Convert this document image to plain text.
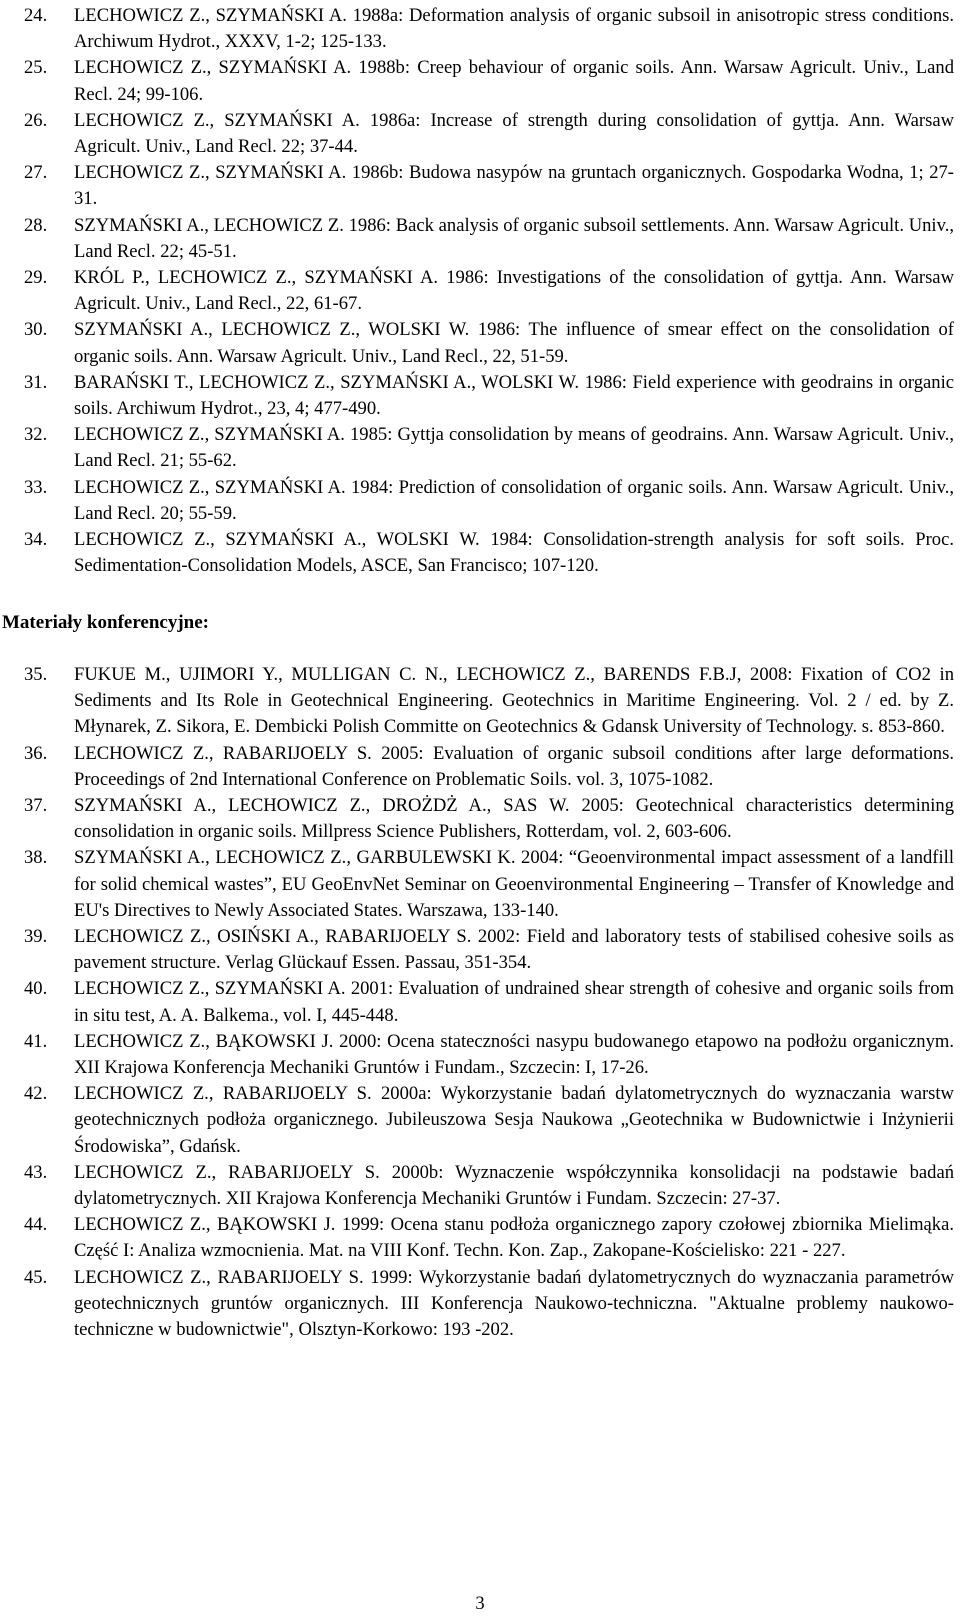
24. LECHOWICZ Z., SZYMAŃSKI A. 1988a: Deformation analysis of organic subsoil in anisotropic stress conditions. Archiwum Hydrot., XXXV, 1-2; 125-133.
25. LECHOWICZ Z., SZYMAŃSKI A. 1988b: Creep behaviour of organic soils. Ann. Warsaw Agricult. Univ., Land Recl. 24; 99-106.
26. LECHOWICZ Z., SZYMAŃSKI A. 1986a: Increase of strength during consolidation of gyttja. Ann. Warsaw Agricult. Univ., Land Recl. 22; 37-44.
27. LECHOWICZ Z., SZYMAŃSKI A. 1986b: Budowa nasypów na gruntach organicznych. Gospodarka Wodna, 1; 27-31.
28. SZYMAŃSKI A., LECHOWICZ Z. 1986: Back analysis of organic subsoil settlements. Ann. Warsaw Agricult. Univ., Land Recl. 22; 45-51.
29. KRÓL P., LECHOWICZ Z., SZYMAŃSKI A. 1986: Investigations of the consolidation of gyttja. Ann. Warsaw Agricult. Univ., Land Recl., 22, 61-67.
30. SZYMAŃSKI A., LECHOWICZ Z., WOLSKI W. 1986: The influence of smear effect on the consolidation of organic soils. Ann. Warsaw Agricult. Univ., Land Recl., 22, 51-59.
31. BARAŃSKI T., LECHOWICZ Z., SZYMAŃSKI A., WOLSKI W. 1986: Field experience with geodrains in organic soils. Archiwum Hydrot., 23, 4; 477-490.
32. LECHOWICZ Z., SZYMAŃSKI A. 1985: Gyttja consolidation by means of geodrains. Ann. Warsaw Agricult. Univ., Land Recl. 21; 55-62.
33. LECHOWICZ Z., SZYMAŃSKI A. 1984: Prediction of consolidation of organic soils. Ann. Warsaw Agricult. Univ., Land Recl. 20; 55-59.
34. LECHOWICZ Z., SZYMAŃSKI A., WOLSKI W. 1984: Consolidation-strength analysis for soft soils. Proc. Sedimentation-Consolidation Models, ASCE, San Francisco; 107-120.
Materiały konferencyjne:
35. FUKUE M., UJIMORI Y., MULLIGAN C. N., LECHOWICZ Z., BARENDS F.B.J, 2008: Fixation of CO2 in Sediments and Its Role in Geotechnical Engineering. Geotechnics in Maritime Engineering. Vol. 2 / ed. by Z. Młynarek, Z. Sikora, E. Dembicki Polish Committe on Geotechnics & Gdansk University of Technology. s. 853-860.
36. LECHOWICZ Z., RABARIJOELY S. 2005: Evaluation of organic subsoil conditions after large deformations. Proceedings of 2nd International Conference on Problematic Soils. vol. 3, 1075-1082.
37. SZYMAŃSKI A., LECHOWICZ Z., DROŻDŻ A., SAS W. 2005: Geotechnical characteristics determining consolidation in organic soils. Millpress Science Publishers, Rotterdam, vol. 2, 603-606.
38. SZYMAŃSKI A., LECHOWICZ Z., GARBULEWSKI K. 2004: “Geoenvironmental impact assessment of a landfill for solid chemical wastes”, EU GeoEnvNet Seminar on Geoenvironmental Engineering – Transfer of Knowledge and EU's Directives to Newly Associated States. Warszawa, 133-140.
39. LECHOWICZ Z., OSIŃSKI A., RABARIJOELY S. 2002: Field and laboratory tests of stabilised cohesive soils as pavement structure. Verlag Glückauf Essen. Passau, 351-354.
40. LECHOWICZ Z., SZYMAŃSKI A. 2001: Evaluation of undrained shear strength of cohesive and organic soils from in situ test, A. A. Balkema., vol. I, 445-448.
41. LECHOWICZ Z., BĄKOWSKI J. 2000: Ocena stateczności nasypu budowanego etapowo na podłożu organicznym. XII Krajowa Konferencja Mechaniki Gruntów i Fundam., Szczecin: I, 17-26.
42. LECHOWICZ Z., RABARIJOELY S. 2000a: Wykorzystanie badań dylatometrycznych do wyznaczania warstw geotechnicznych podłoża organicznego. Jubileuszowa Sesja Naukowa „Geotechnika w Budownictwie i Inżynierii Środowiska”, Gdańsk.
43. LECHOWICZ Z., RABARIJOELY S. 2000b: Wyznaczenie współczynnika konsolidacji na podstawie badań dylatometrycznych. XII Krajowa Konferencja Mechaniki Gruntów i Fundam. Szczecin: 27-37.
44. LECHOWICZ Z., BĄKOWSKI J. 1999: Ocena stanu podłoża organicznego zapory czołowej zbiornika Mielimąka. Część I: Analiza wzmocnienia. Mat. na VIII Konf. Techn. Kon. Zap., Zakopane-Kościelisko: 221 - 227.
45. LECHOWICZ Z., RABARIJOELY S. 1999: Wykorzystanie badań dylatometrycznych do wyznaczania parametrów geotechnicznych gruntów organicznych. III Konferencja Naukowo-techniczna. "Aktualne problemy naukowo-techniczne w budownictwie", Olsztyn-Korkowo: 193 -202.
3
